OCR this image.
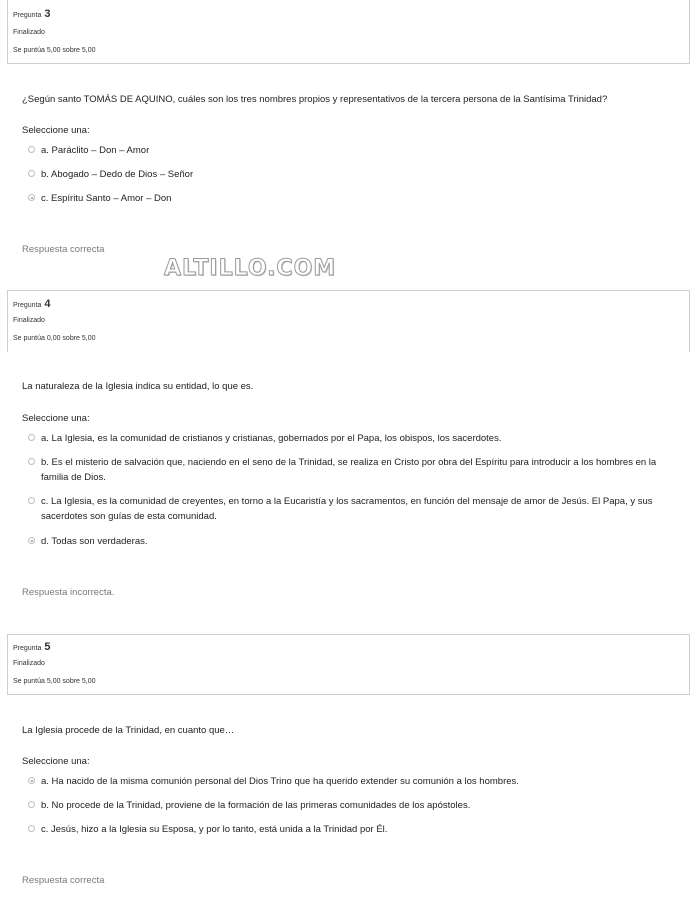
Pregunta 3
Finalizado
Se puntúa 5,00 sobre 5,00
¿Según santo TOMÁS DE AQUINO, cuáles son los tres nombres propios y representativos de la tercera persona de la Santísima Trinidad?
Seleccione una:
a. Paráclito – Don – Amor
b. Abogado – Dedo de Dios – Señor
c. Espíritu Santo – Amor – Don
Respuesta correcta
ALTILLO.COM
Pregunta 4
Finalizado
Se puntúa 0,00 sobre 5,00
La naturaleza de la Iglesia indica su entidad, lo que es.
Seleccione una:
a. La Iglesia, es la comunidad de cristianos y cristianas, gobernados por el Papa, los obispos, los sacerdotes.
b. Es el misterio de salvación que, naciendo en el seno de la Trinidad, se realiza en Cristo por obra del Espíritu para introducir a los hombres en la familia de Dios.
c. La Iglesia, es la comunidad de creyentes, en torno a la Eucaristía y los sacramentos, en función del mensaje de amor de Jesús. El Papa, y sus sacerdotes son guías de esta comunidad.
d. Todas son verdaderas.
Respuesta incorrecta.
Pregunta 5
Finalizado
Se puntúa 5,00 sobre 5,00
La Iglesia procede de la Trinidad, en cuanto que…
Seleccione una:
a. Ha nacido de la misma comunión personal del Dios Trino que ha querido extender su comunión a los hombres.
b. No procede de la Trinidad, proviene de la formación de las primeras comunidades de los apóstoles.
c. Jesús, hizo a la Iglesia su Esposa, y por lo tanto, está unida a la Trinidad por Él.
Respuesta correcta
